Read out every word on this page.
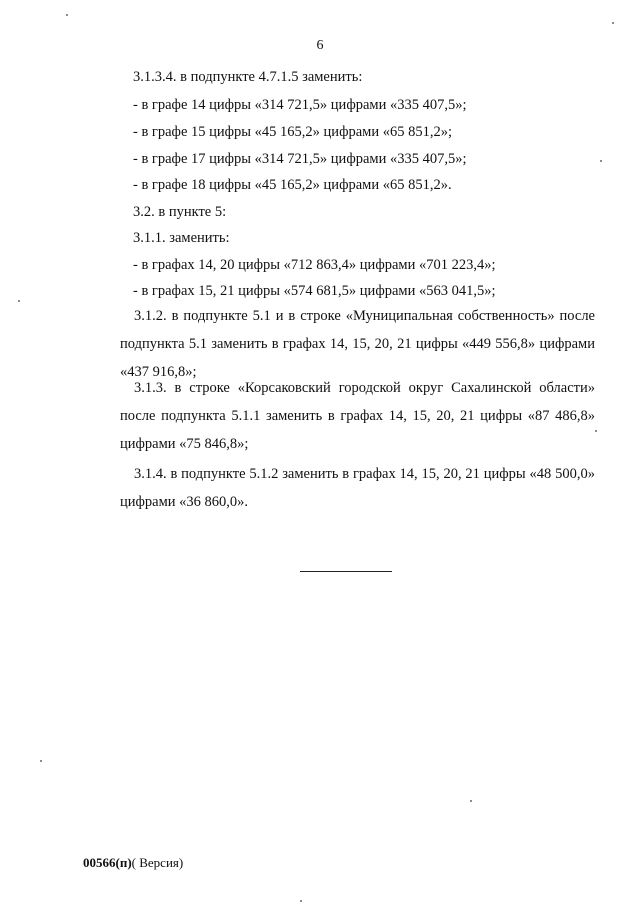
6
3.1.3.4. в подпункте 4.7.1.5 заменить:
- в графе 14 цифры «314 721,5» цифрами «335 407,5»;
- в графе 15 цифры «45 165,2» цифрами «65 851,2»;
- в графе 17 цифры «314 721,5» цифрами «335 407,5»;
- в графе 18 цифры «45 165,2» цифрами «65 851,2».
3.2. в пункте 5:
3.1.1. заменить:
- в графах 14, 20 цифры «712 863,4» цифрами «701 223,4»;
- в графах 15, 21 цифры «574 681,5» цифрами «563 041,5»;
3.1.2. в подпункте 5.1 и в строке «Муниципальная собственность» после подпункта 5.1 заменить в графах 14, 15, 20, 21 цифры «449 556,8» цифрами «437 916,8»;
3.1.3. в строке «Корсаковский городской округ Сахалинской области» после подпункта 5.1.1 заменить в графах 14, 15, 20, 21 цифры «87 486,8» цифрами «75 846,8»;
3.1.4. в подпункте 5.1.2 заменить в графах 14, 15, 20, 21 цифры «48 500,0» цифрами «36 860,0».
00566(п)( Версия)
